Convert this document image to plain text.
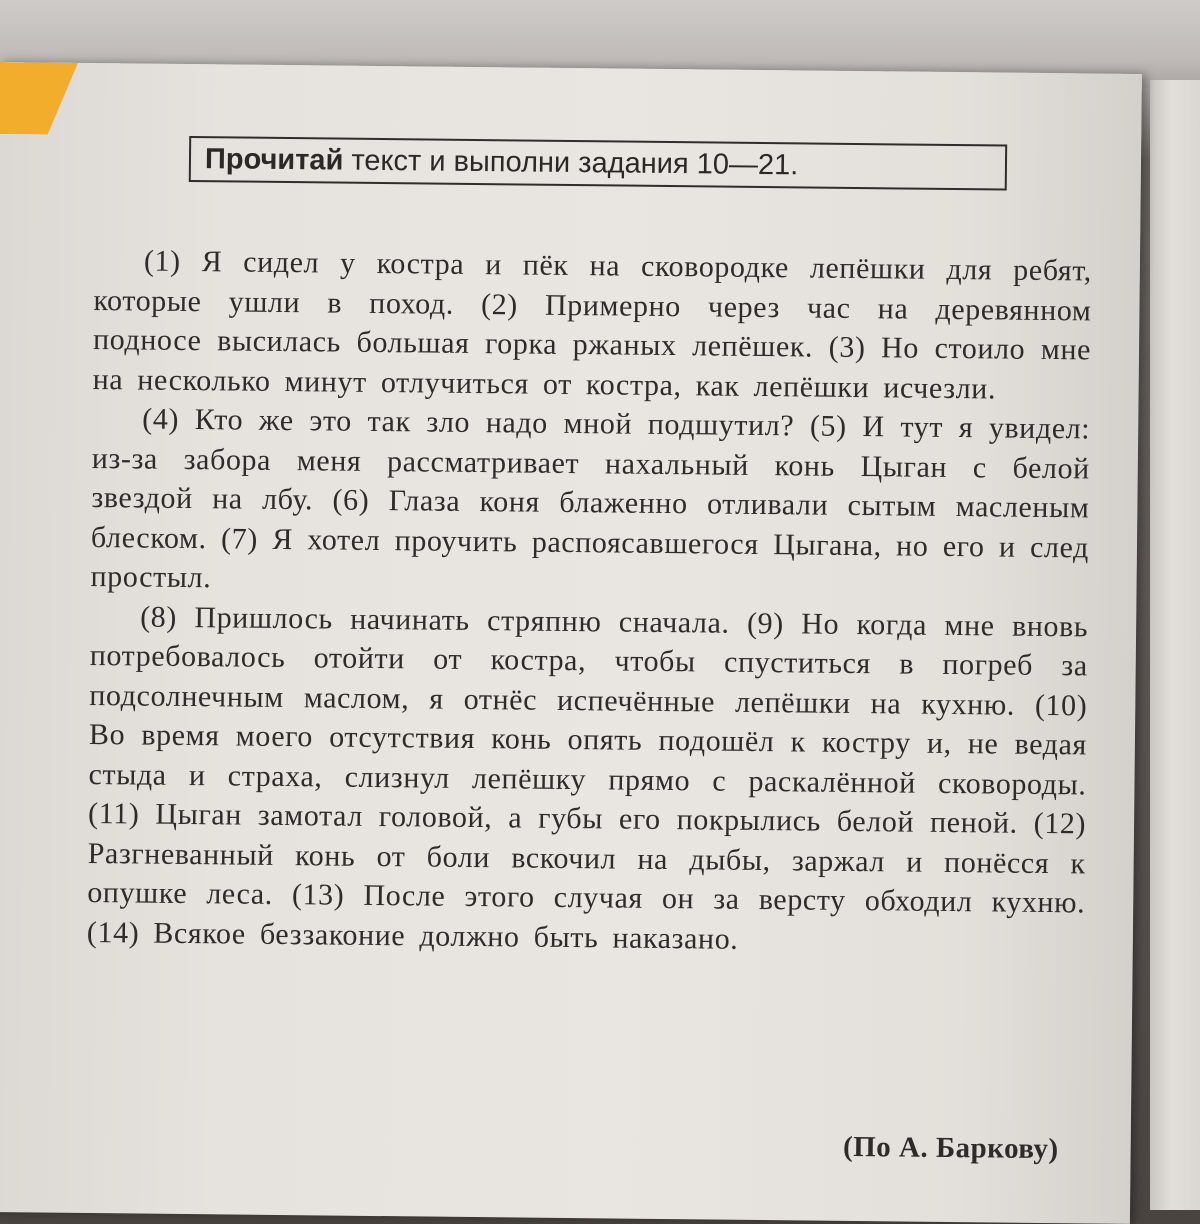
Прочитай текст и выполни задания 10—21.

(1) Я сидел у костра и пёк на сковородке лепёшки для ребят, которые ушли в поход. (2) Примерно через час на деревянном подносе высилась большая горка ржаных лепёшек. (3) Но стоило мне на несколько минут отлучиться от костра, как лепёшки исчезли.

(4) Кто же это так зло надо мной подшутил? (5) И тут я увидел: из-за забора меня рассматривает нахальный конь Цыган с белой звездой на лбу. (6) Глаза коня блаженно отливали сытым масленым блеском. (7) Я хотел проучить распоясавшегося Цыгана, но его и след простыл.

(8) Пришлось начинать стряпню сначала. (9) Но когда мне вновь потребовалось отойти от костра, чтобы спуститься в погреб за подсолнечным маслом, я отнёс испечённые лепёшки на кухню. (10) Во время моего отсутствия конь опять подошёл к костру и, не ведая стыда и страха, слизнул лепёшку прямо с раскалённой сковороды. (11) Цыган замотал головой, а губы его покрылись белой пеной. (12) Разгневанный конь от боли вскочил на дыбы, заржал и понёсся к опушке леса. (13) После этого случая он за версту обходил кухню. (14) Всякое беззаконие должно быть наказано.

(По А. Баркову)
